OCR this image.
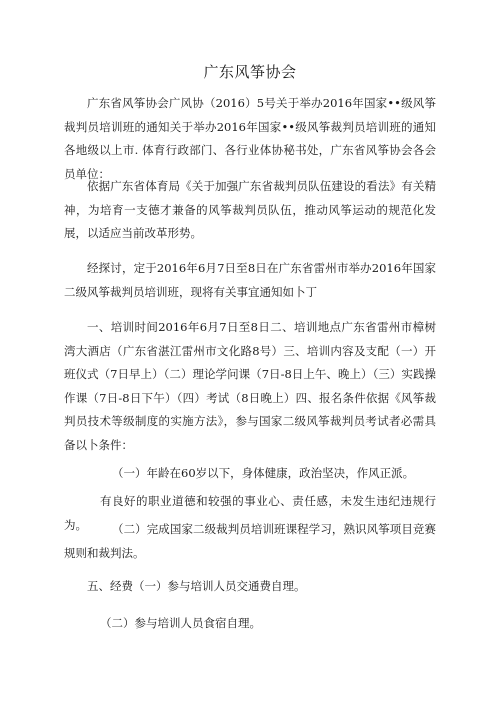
广东风筝协会
广东省风筝协会广风协（2016）5号关于举办2016年国家••级风筝裁判员培训班的通知关于举办2016年国家••级风筝裁判员培训班的通知各地级以上市. 体育行政部门、各行业体协秘书处，广东省风筝协会各会员单位：
依据广东省体育局《关于加强广东省裁判员队伍建设的看法》有关精神，为培育一支德才兼备的风筝裁判员队伍，推动风筝运动的规范化发展，以适应当前改革形势。
经探讨，定于2016年6月7日至8日在广东省雷州市举办2016年国家二级风筝裁判员培训班，现将有关事宜通知如卜丁
一、培训时间2016年6月7日至8日二、培训地点广东省雷州市樟树湾大酒店（广东省湛江雷州市文化路8号）三、培训内容及支配（一）开班仪式（7日早上）（二）理论学问课（7日-8日上午、晚上）（三）实践操作课（7日-8日下午）（四）考试（8日晚上）四、报名条件依据《风筝裁判员技术等级制度的实施方法》，参与国家二级风筝裁判员考试者必需具备以卜条件：
（一）年龄在60岁以下，身体健康，政治坚决，作风正派。
有良好的职业道德和较强的事业心、责任感，未发生违纪违规行为。	（二）完成国家二级裁判员培训班课程学习，熟识风筝项目竞赛规则和裁判法。
五、经费（一）参与培训人员交通费自理。
（二）参与培训人员食宿自理。
